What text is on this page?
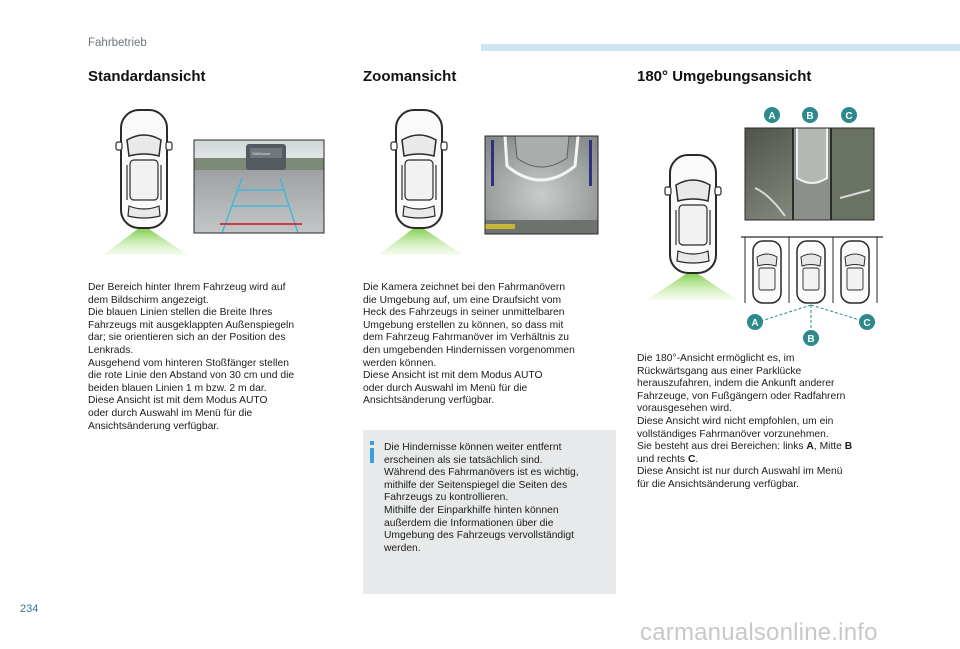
Fahrbetrieb
Standardansicht	Zoomansicht	180° Umgebungsansicht
Stößbauer
A	B	C
A
B
C
Der Bereich hinter Ihrem Fahrzeug wird auf
dem Bildschirm angezeigt.
Die blauen Linien stellen die Breite Ihres
Fahrzeugs mit ausgeklappten Außenspiegeln
dar; sie orientieren sich an der Position des
Lenkrads.
Ausgehend vom hinteren Stoßfänger stellen
die rote Linie den Abstand von 30 cm und die
beiden blauen Linien 1 m bzw. 2 m dar.
Diese Ansicht ist mit dem Modus AUTO
oder durch Auswahl im Menü für die
Ansichtsänderung verfügbar.
Die Kamera zeichnet bei den Fahrmanövern
die Umgebung auf, um eine Draufsicht vom
Heck des Fahrzeugs in seiner unmittelbaren
Umgebung erstellen zu können, so dass mit
dem Fahrzeug Fahrmanöver im Verhältnis zu
den umgebenden Hindernissen vorgenommen
werden können.
Diese Ansicht ist mit dem Modus AUTO
oder durch Auswahl im Menü für die
Ansichtsänderung verfügbar.
Die Hindernisse können weiter entfernt
erscheinen als sie tatsächlich sind.
Während des Fahrmanövers ist es wichtig,
mithilfe der Seitenspiegel die Seiten des
Fahrzeugs zu kontrollieren.
Mithilfe der Einparkhilfe hinten können
außerdem die Informationen über die
Umgebung des Fahrzeugs vervollständigt
werden.
Die 180°-Ansicht ermöglicht es, im
Rückwärtsgang aus einer Parklücke
herauszufahren, indem die Ankunft anderer
Fahrzeuge, von Fußgängern oder Radfahrern
vorausgesehen wird.
Diese Ansicht wird nicht empfohlen, um ein
vollständiges Fahrmanöver vorzunehmen.
Sie besteht aus drei Bereichen: links A, Mitte B
und rechts C.
Diese Ansicht ist nur durch Auswahl im Menü
für die Ansichtsänderung verfügbar.
234
carmanualsonline.info
